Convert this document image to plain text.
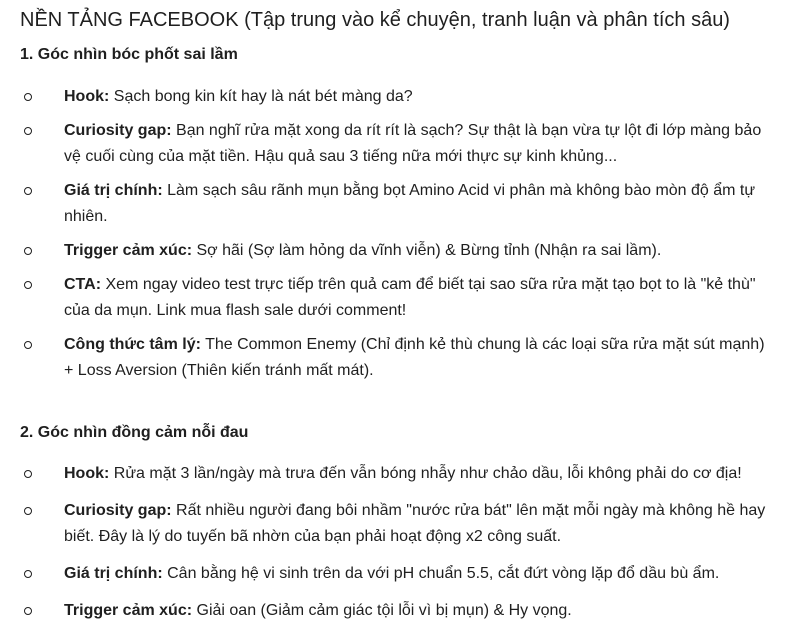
NỀN TẢNG FACEBOOK (Tập trung vào kể chuyện, tranh luận và phân tích sâu)
1. Góc nhìn bóc phốt sai lầm
Hook: Sạch bong kin kít hay là nát bét màng da?
Curiosity gap: Bạn nghĩ rửa mặt xong da rít rít là sạch? Sự thật là bạn vừa tự lột đi lớp màng bảo vệ cuối cùng của mặt tiền. Hậu quả sau 3 tiếng nữa mới thực sự kinh khủng...
Giá trị chính: Làm sạch sâu rãnh mụn bằng bọt Amino Acid vi phân mà không bào mòn độ ẩm tự nhiên.
Trigger cảm xúc: Sợ hãi (Sợ làm hỏng da vĩnh viễn) & Bừng tỉnh (Nhận ra sai lầm).
CTA: Xem ngay video test trực tiếp trên quả cam để biết tại sao sữa rửa mặt tạo bọt to là "kẻ thù" của da mụn. Link mua flash sale dưới comment!
Công thức tâm lý: The Common Enemy (Chỉ định kẻ thù chung là các loại sữa rửa mặt sút mạnh) + Loss Aversion (Thiên kiến tránh mất mát).
2. Góc nhìn đồng cảm nỗi đau
Hook: Rửa mặt 3 lần/ngày mà trưa đến vẫn bóng nhẫy như chảo dầu, lỗi không phải do cơ địa!
Curiosity gap: Rất nhiều người đang bôi nhầm "nước rửa bát" lên mặt mỗi ngày mà không hề hay biết. Đây là lý do tuyến bã nhờn của bạn phải hoạt động x2 công suất.
Giá trị chính: Cân bằng hệ vi sinh trên da với pH chuẩn 5.5, cắt đứt vòng lặp đổ dầu bù ẩm.
Trigger cảm xúc: Giải oan (Giảm cảm giác tội lỗi vì bị mụn) & Hy vọng.
